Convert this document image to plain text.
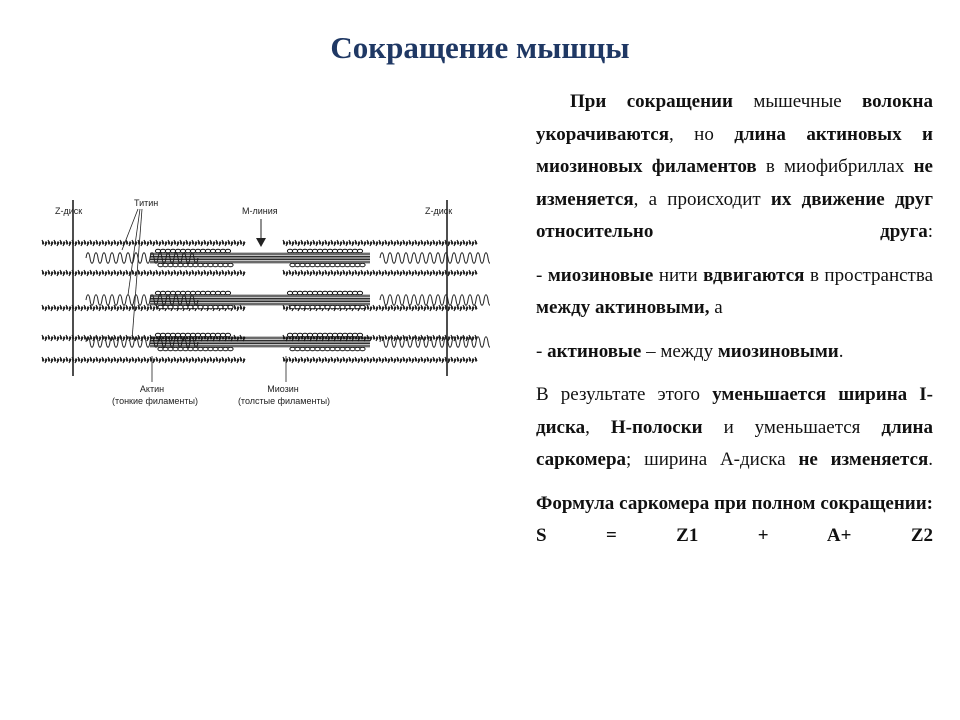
Сокращение мышцы
Z-диск
Титин
М-линия	Z-диск
Актин
(тонкие филаменты)
Миозин
(толстые филаменты)

При сокращении мышечные волокна укорачиваются, но длина актиновых и миозиновых филаментов в миофибриллах не изменяется, а происходит их движение друг относительно друга:

- миозиновые нити вдвигаются в пространства между актиновыми, а

- актиновые – между миозиновыми.

В результате этого уменьшается ширина I-диска, Н-полоски и уменьшается длина саркомера; ширина А-диска не изменяется.

Формула саркомера при полном сокращении: S = Z1 + A+ Z2
